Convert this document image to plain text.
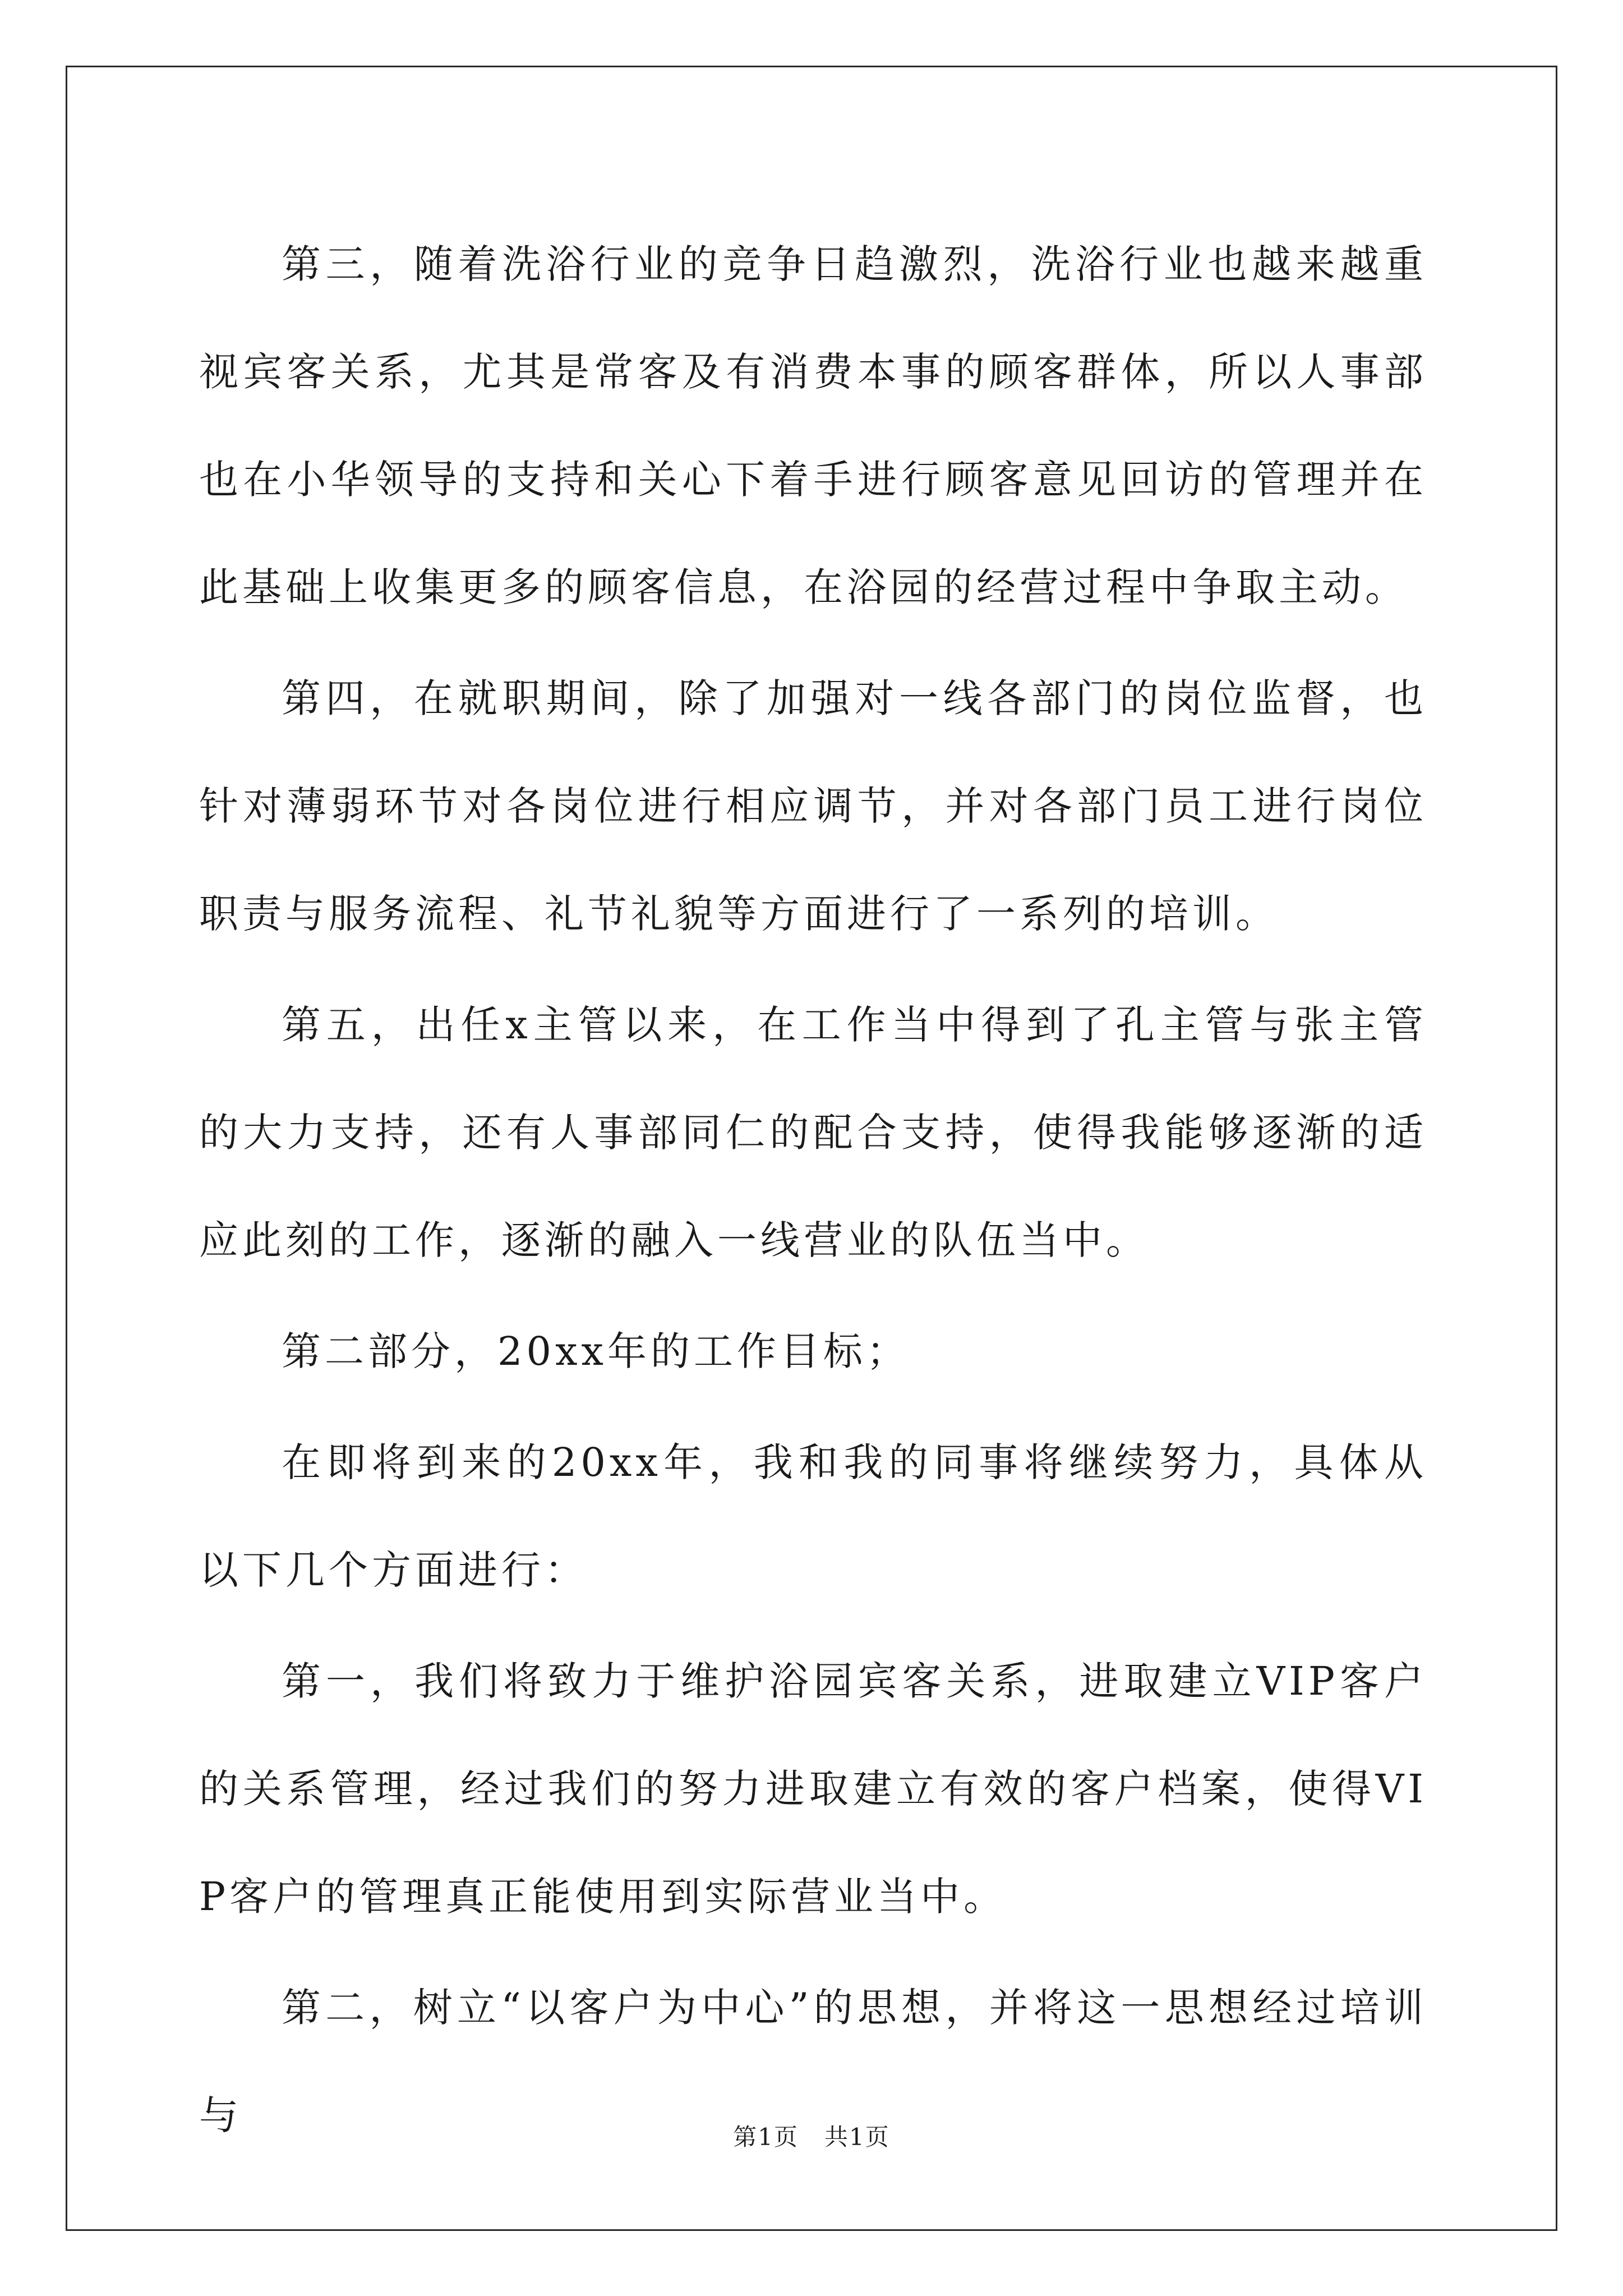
第三，随着洗浴行业的竞争日趋激烈，洗浴行业也越来越重视宾客关系，尤其是常客及有消费本事的顾客群体，所以人事部也在小华领导的支持和关心下着手进行顾客意见回访的管理并在此基础上收集更多的顾客信息，在浴园的经营过程中争取主动。

第四，在就职期间，除了加强对一线各部门的岗位监督，也针对薄弱环节对各岗位进行相应调节，并对各部门员工进行岗位职责与服务流程、礼节礼貌等方面进行了一系列的培训。

第五，出任x主管以来，在工作当中得到了孔主管与张主管的大力支持，还有人事部同仁的配合支持，使得我能够逐渐的适应此刻的工作，逐渐的融入一线营业的队伍当中。

第二部分，20xx年的工作目标；

在即将到来的20xx年，我和我的同事将继续努力，具体从以下几个方面进行：

第一，我们将致力于维护浴园宾客关系，进取建立VIP客户的关系管理，经过我们的努力进取建立有效的客户档案，使得VIP客户的管理真正能使用到实际营业当中。

第二，树立“以客户为中心”的思想，并将这一思想经过培训与	第1页 共1页
